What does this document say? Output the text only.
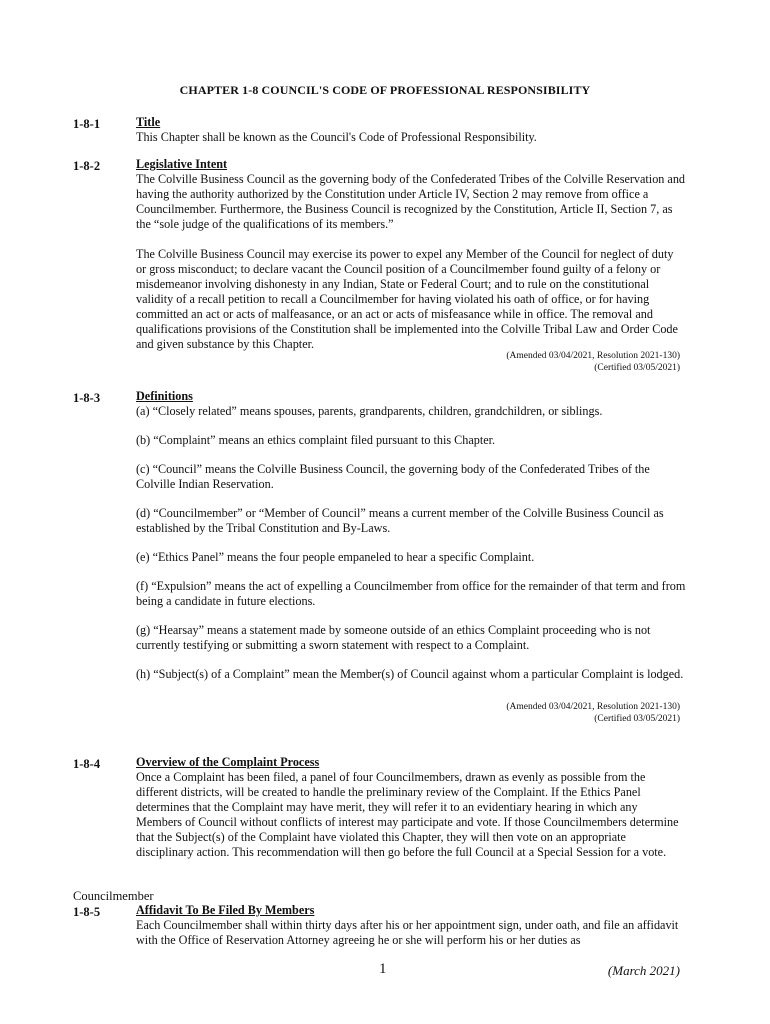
CHAPTER 1-8 COUNCIL'S CODE OF PROFESSIONAL RESPONSIBILITY
1-8-1	Title

This Chapter shall be known as the Council's Code of Professional Responsibility.

1-8-2	Legislative Intent

The Colville Business Council as the governing body of the Confederated Tribes of the Colville Reservation and having the authority authorized by the Constitution under Article IV, Section 2 may remove from office a Councilmember. Furthermore, the Business Council is recognized by the Constitution, Article II, Section 7, as the “sole judge of the qualifications of its members.”

The Colville Business Council may exercise its power to expel any Member of the Council for neglect of duty or gross misconduct; to declare vacant the Council position of a Councilmember found guilty of a felony or misdemeanor involving dishonesty in any Indian, State or Federal Court; and to rule on the constitutional validity of a recall petition to recall a Councilmember for having violated his oath of office, or for having committed an act or acts of malfeasance, or an act or acts of misfeasance while in office. The removal and qualifications provisions of the Constitution shall be implemented into the Colville Tribal Law and Order Code and given substance by this Chapter.

(Amended 03/04/2021, Resolution 2021-130)
(Certified 03/05/2021)
1-8-3	Definitions

(a) “Closely related” means spouses, parents, grandparents, children, grandchildren, or siblings.

(b) “Complaint” means an ethics complaint filed pursuant to this Chapter.

(c) “Council” means the Colville Business Council, the governing body of the Confederated Tribes of the Colville Indian Reservation.

(d) “Councilmember” or “Member of Council” means a current member of the Colville Business Council as established by the Tribal Constitution and By-Laws.

(e) “Ethics Panel” means the four people empaneled to hear a specific Complaint.

(f) “Expulsion” means the act of expelling a Councilmember from office for the remainder of that term and from being a candidate in future elections.

(g) “Hearsay” means a statement made by someone outside of an ethics Complaint proceeding who is not currently testifying or submitting a sworn statement with respect to a Complaint.

(h) “Subject(s) of a Complaint” mean the Member(s) of Council against whom a particular Complaint is lodged.

(Amended 03/04/2021, Resolution 2021-130)
(Certified 03/05/2021)
1-8-4	Overview of the Complaint Process

Once a Complaint has been filed, a panel of four Councilmembers, drawn as evenly as possible from the different districts, will be created to handle the preliminary review of the Complaint. If the Ethics Panel determines that the Complaint may have merit, they will refer it to an evidentiary hearing in which any Members of Council without conflicts of interest may participate and vote. If those Councilmembers determine that the Subject(s) of the Complaint have violated this Chapter, they will then vote on an appropriate disciplinary action. This recommendation will then go before the full Council at a Special Session for a vote.

Councilmember
1-8-5	Affidavit To Be Filed By Members

Each Councilmember shall within thirty days after his or her appointment sign, under oath, and file an affidavit with the Office of Reservation Attorney agreeing he or she will perform his or her duties as

1	(March 2021)
